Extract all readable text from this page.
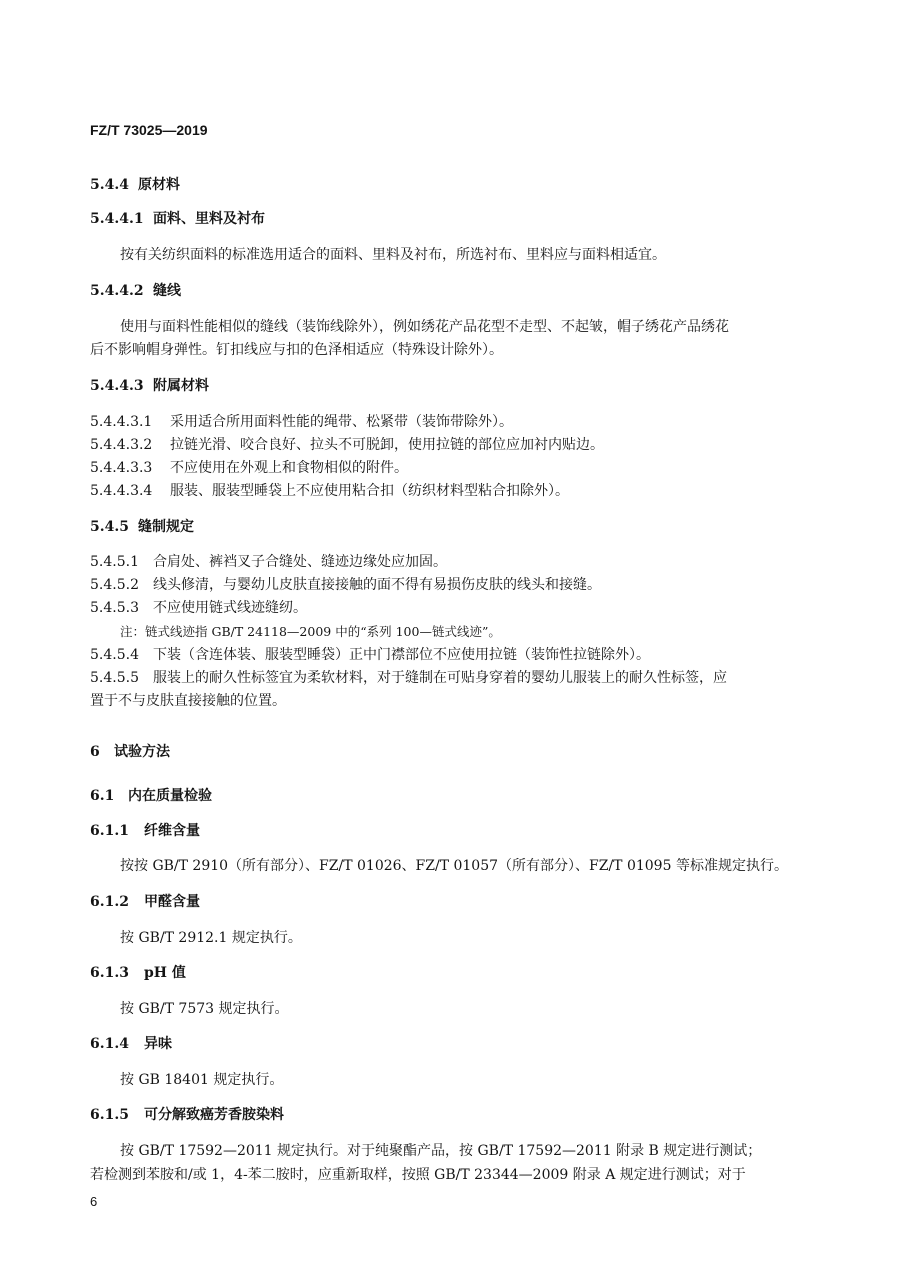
FZ/T 73025—2019
5.4.4 原材料
5.4.4.1 面料、里料及衬布
按有关纺织面料的标准选用适合的面料、里料及衬布，所选衬布、里料应与面料相适宜。
5.4.4.2 缝线
使用与面料性能相似的缝线（装饰线除外），例如绣花产品花型不走型、不起皱，帽子绣花产品绣花
后不影响帽身弹性。钉扣线应与扣的色泽相适应（特殊设计除外）。
5.4.4.3 附属材料
5.4.4.3.1 采用适合所用面料性能的绳带、松紧带（装饰带除外）。
5.4.4.3.2 拉链光滑、咬合良好、拉头不可脱卸，使用拉链的部位应加衬内贴边。
5.4.4.3.3 不应使用在外观上和食物相似的附件。
5.4.4.3.4 服装、服装型睡袋上不应使用粘合扣（纺织材料型粘合扣除外）。
5.4.5 缝制规定
5.4.5.1 合肩处、裤裆叉子合缝处、缝迹边缘处应加固。
5.4.5.2 线头修清，与婴幼儿皮肤直接接触的面不得有易损伤皮肤的线头和接缝。
5.4.5.3 不应使用链式线迹缝纫。
注：链式线迹指 GB/T 24118—2009 中的“系列 100—链式线迹”。
5.4.5.4 下装（含连体装、服装型睡袋）正中门襟部位不应使用拉链（装饰性拉链除外）。
5.4.5.5 服装上的耐久性标签宜为柔软材料，对于缝制在可贴身穿着的婴幼儿服装上的耐久性标签，应
置于不与皮肤直接接触的位置。
6 试验方法
6.1 内在质量检验
6.1.1 纤维含量
按按 GB/T 2910（所有部分）、FZ/T 01026、FZ/T 01057（所有部分）、FZ/T 01095 等标准规定执行。
6.1.2 甲醛含量
按 GB/T 2912.1 规定执行。
6.1.3 pH 值
按 GB/T 7573 规定执行。
6.1.4 异味
按 GB 18401 规定执行。
6.1.5 可分解致癌芳香胺染料
按 GB/T 17592—2011 规定执行。对于纯聚酯产品，按 GB/T 17592—2011 附录 B 规定进行测试；
若检测到苯胺和/或 1，4-苯二胺时，应重新取样，按照 GB/T 23344—2009 附录 A 规定进行测试；对于
6
